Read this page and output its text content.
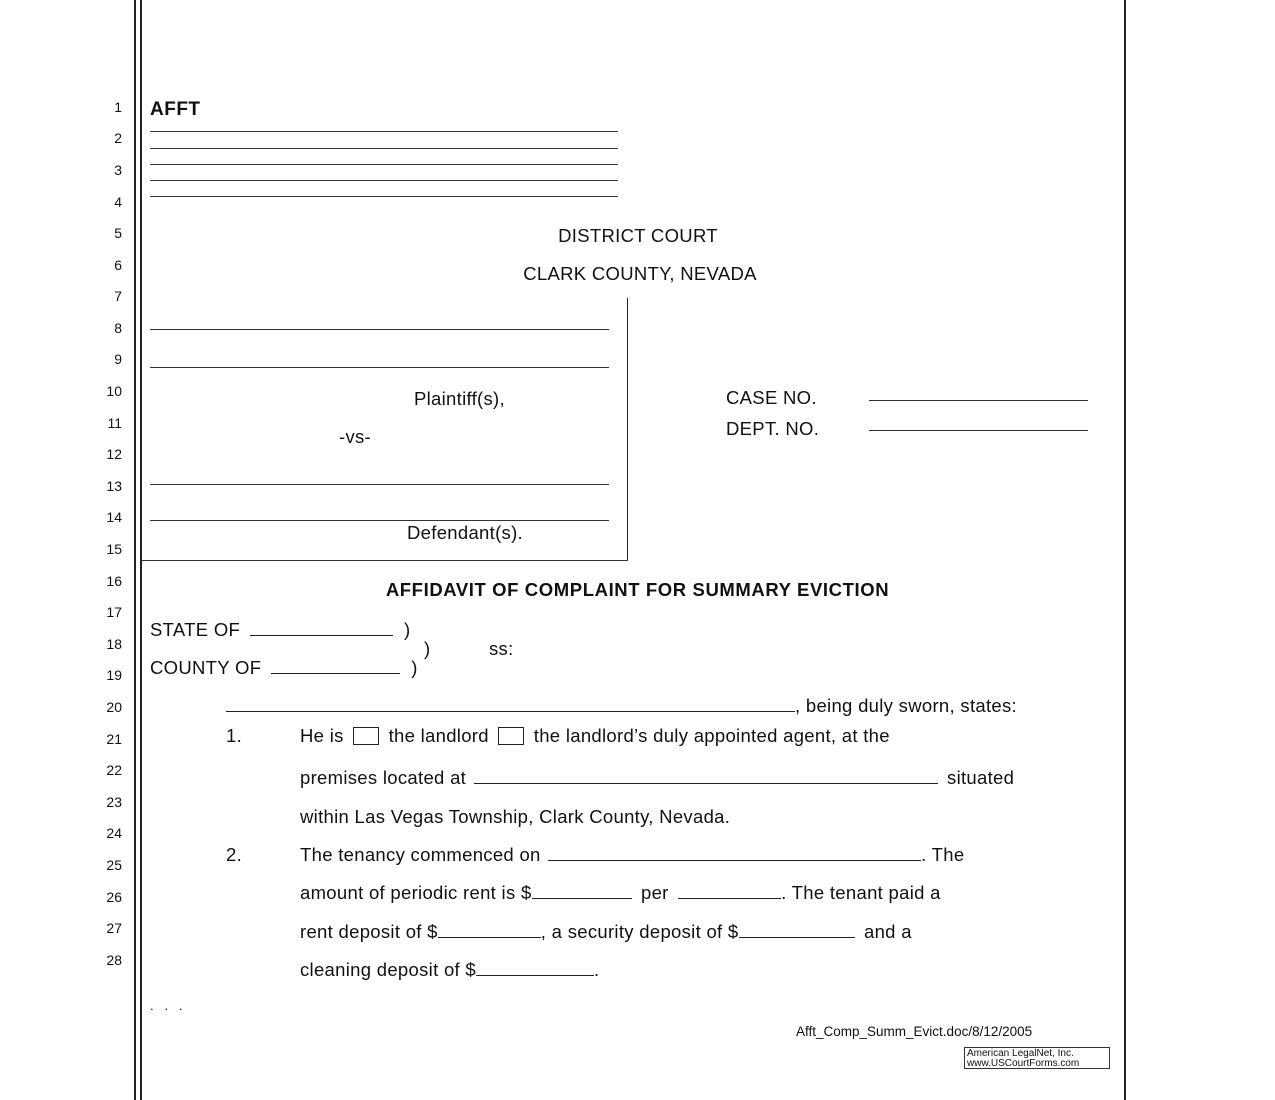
1
2
3
4
5
6
7
8
9
10
11
12
13
14
15
16
17
18
19
20
21
22
23
24
25
26
27
28
AFFT
DISTRICT COURT
CLARK COUNTY, NEVADA
Plaintiff(s),
-vs-
Defendant(s).
CASE NO.
DEPT. NO.
AFFIDAVIT OF COMPLAINT FOR SUMMARY EVICTION
STATE OF	)
)	ss:
COUNTY OF	)
, being duly sworn, states:
1.	He is the landlord the landlord’s duly appointed agent, at the
premises located at	situated
within Las Vegas Township, Clark County, Nevada.
2.	The tenancy commenced on	. The
amount of periodic rent is $	per	. The tenant paid a
rent deposit of $	, a security deposit of $	and a
cleaning deposit of $	.
.   .   .
Afft_Comp_Summ_Evict.doc/8/12/2005
American LegalNet, Inc.
www.USCourtForms.com
